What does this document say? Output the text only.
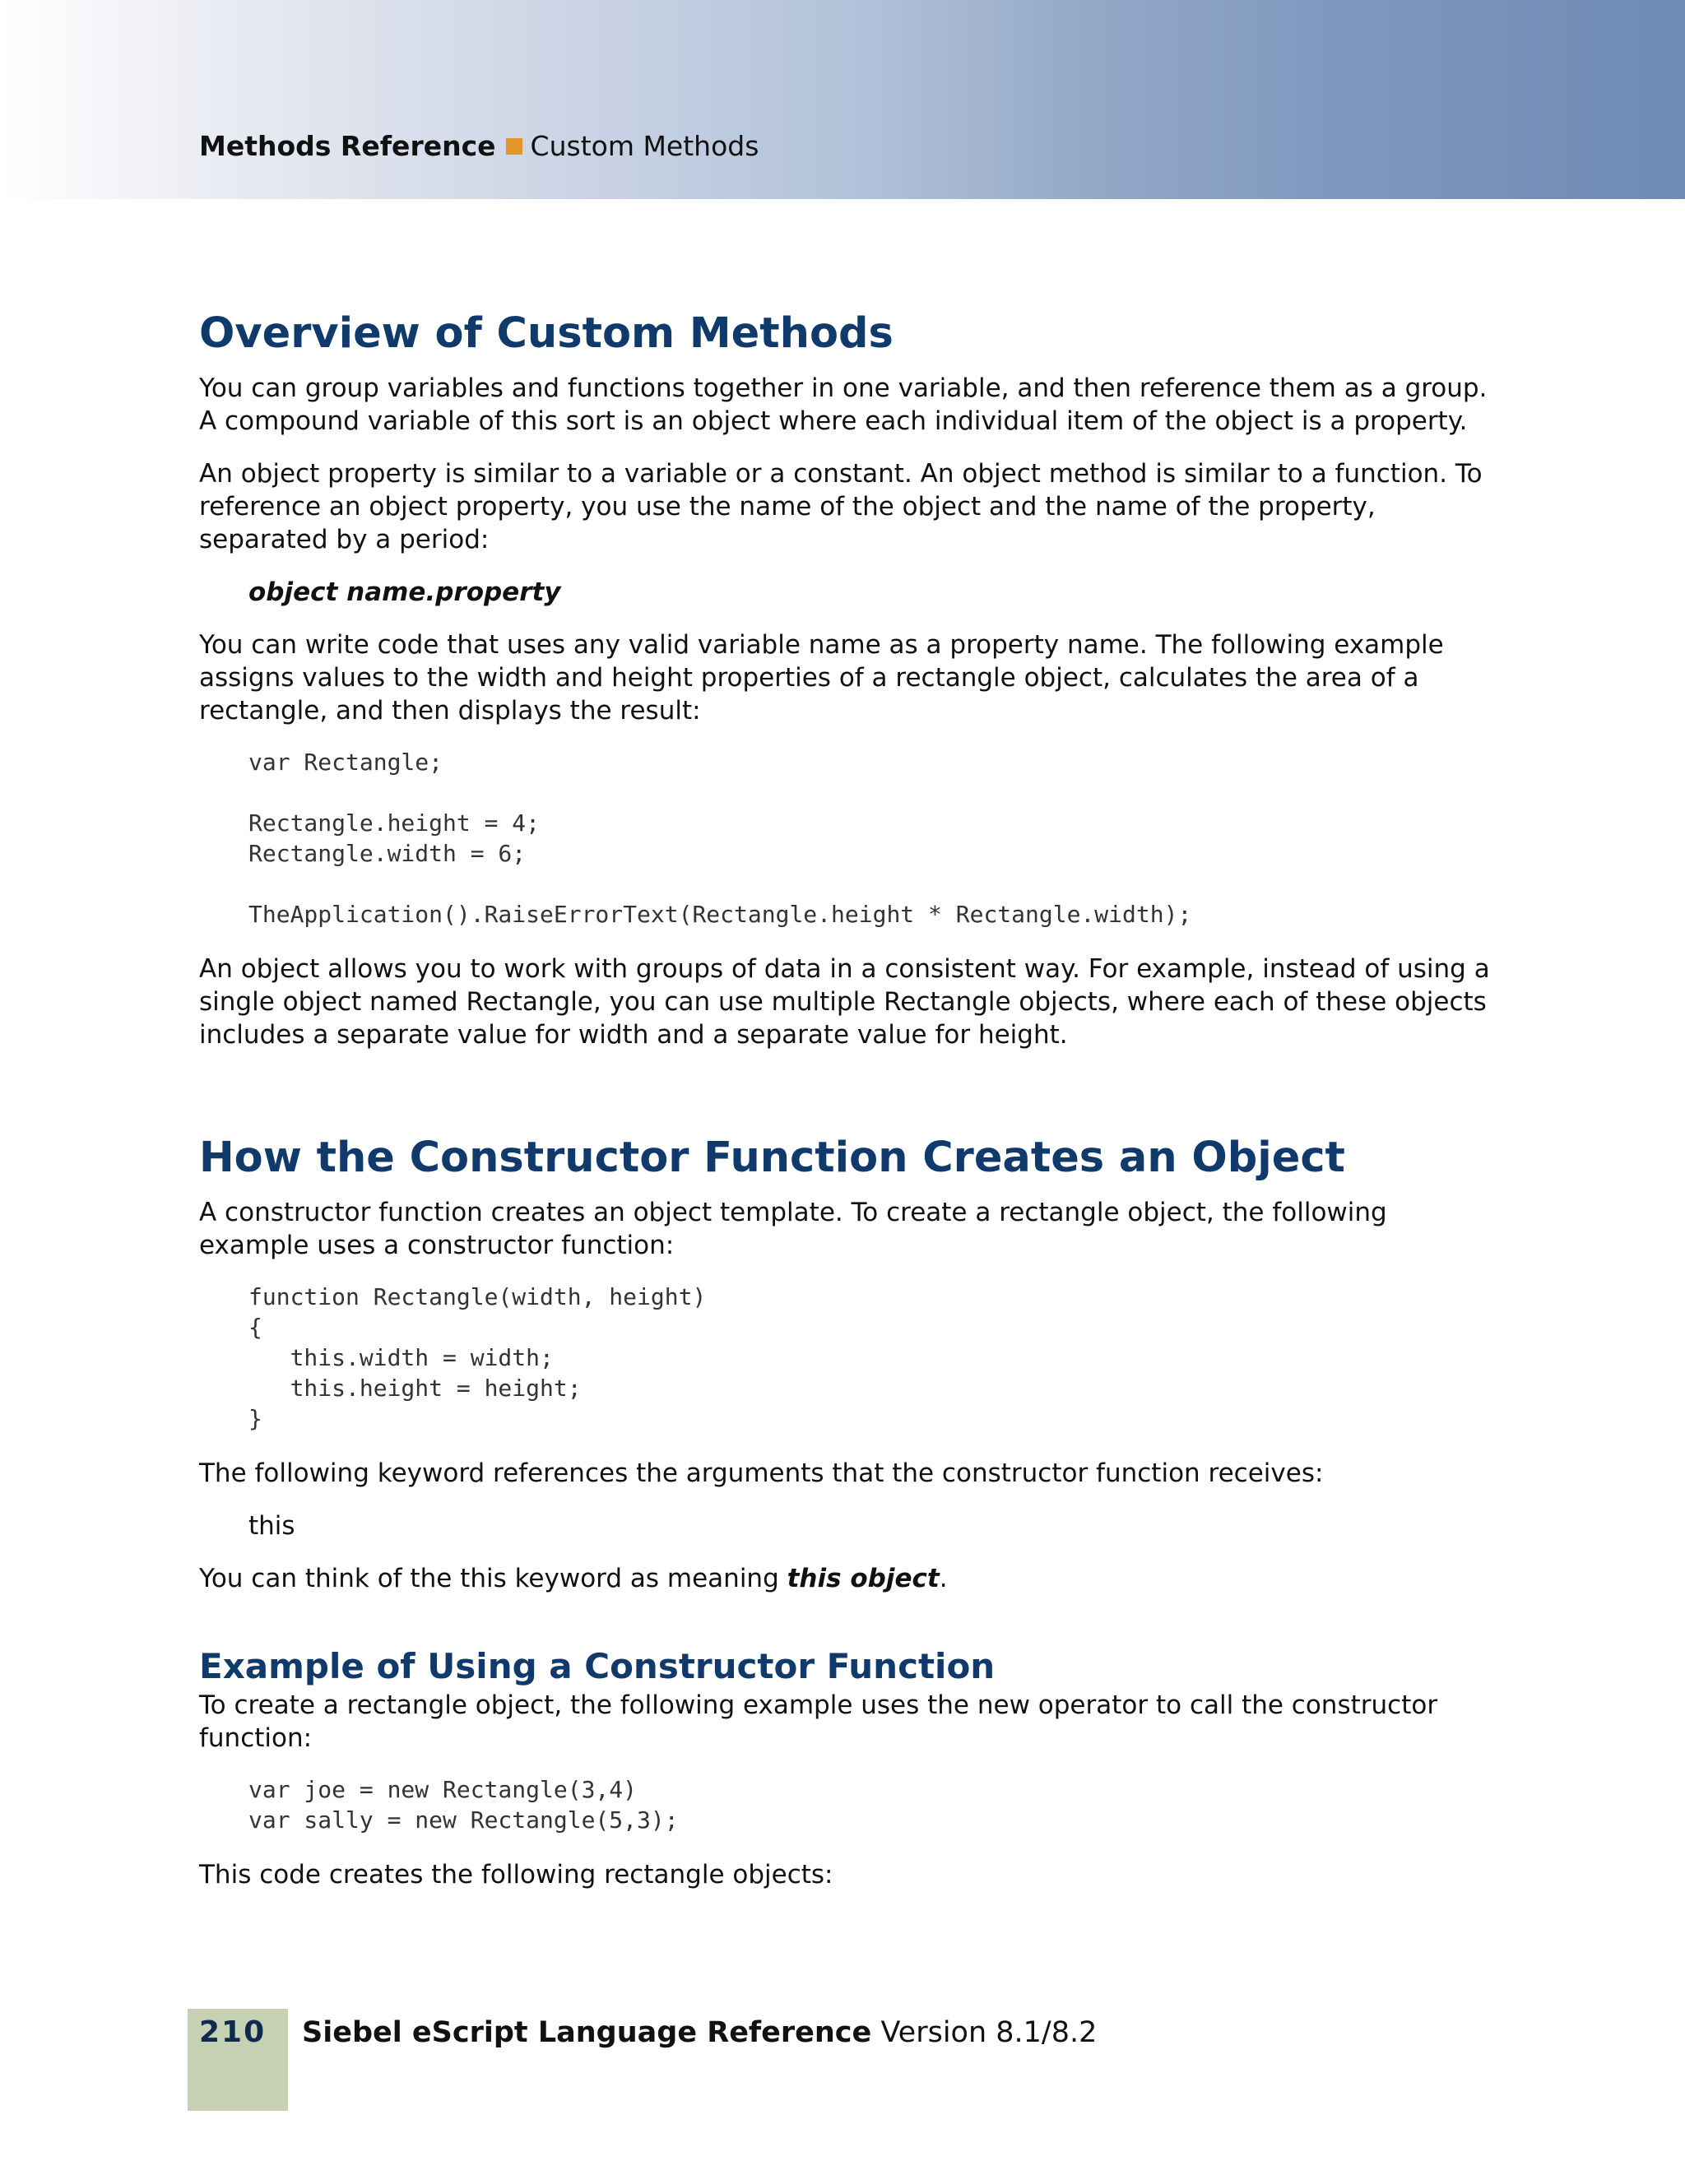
Methods Reference Custom Methods
Overview of Custom Methods

You can group variables and functions together in one variable, and then reference them as a group. A compound variable of this sort is an object where each individual item of the object is a property.

An object property is similar to a variable or a constant. An object method is similar to a function. To reference an object property, you use the name of the object and the name of the property, separated by a period:

object name.property

You can write code that uses any valid variable name as a property name. The following example assigns values to the width and height properties of a rectangle object, calculates the area of a rectangle, and then displays the result:

var Rectangle;

Rectangle.height = 4;
Rectangle.width = 6;

TheApplication().RaiseErrorText(Rectangle.height * Rectangle.width);

An object allows you to work with groups of data in a consistent way. For example, instead of using a single object named Rectangle, you can use multiple Rectangle objects, where each of these objects includes a separate value for width and a separate value for height.

How the Constructor Function Creates an Object

A constructor function creates an object template. To create a rectangle object, the following example uses a constructor function:

function Rectangle(width, height)
{
this.width = width;
this.height = height;
}

The following keyword references the arguments that the constructor function receives:

this

You can think of the this keyword as meaning this object.

Example of Using a Constructor Function

To create a rectangle object, the following example uses the new operator to call the constructor function:

var joe = new Rectangle(3,4)
var sally = new Rectangle(5,3);

This code creates the following rectangle objects:

210 Siebel eScript Language Reference Version 8.1/8.2
